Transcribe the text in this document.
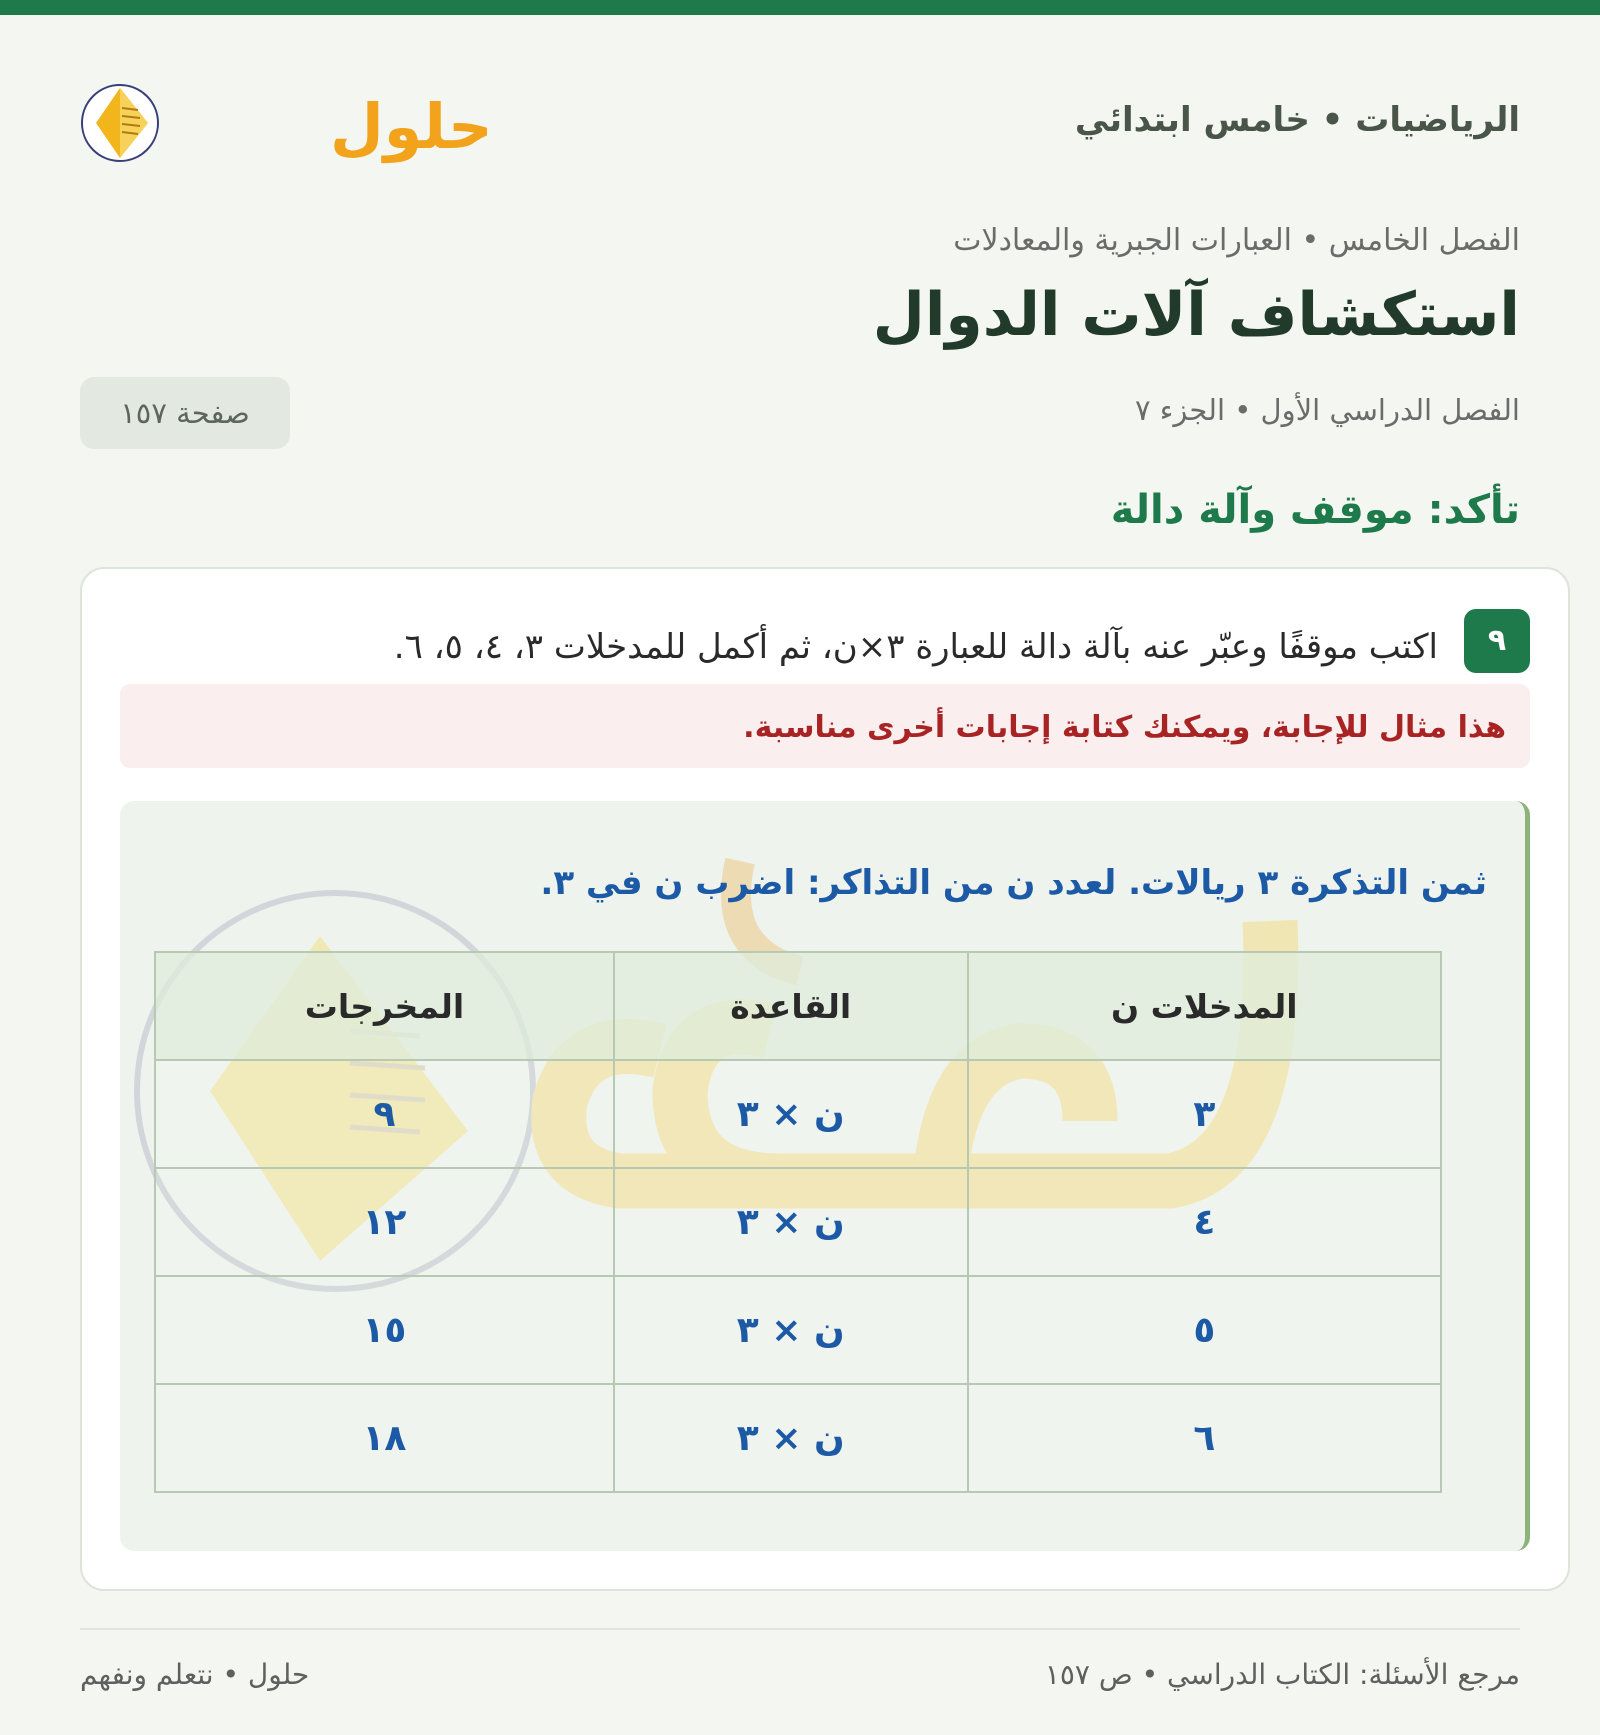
الرياضيات • خامس ابتدائي
حلول
الفصل الخامس • العبارات الجبرية والمعادلات
استكشاف آلات الدوال
الفصل الدراسي الأول • الجزء ٧
صفحة ١٥٧
تأكد: موقف وآلة دالة
٩
اكتب موقفًا وعبّر عنه بآلة دالة للعبارة ٣×ن، ثم أكمل للمدخلات ٣، ٤، ٥، ٦.
هذا مثال للإجابة، ويمكنك كتابة إجابات أخرى مناسبة.
ثمن التذكرة ٣ ريالات. لعدد ن من التذاكر: اضرب ن في ٣.
المدخلات ن	القاعدة	المخرجات
٣	ن × ٣	٩
٤	ن × ٣	١٢
٥	ن × ٣	١٥
٦	ن × ٣	١٨
مرجع الأسئلة: الكتاب الدراسي • ص ١٥٧
حلول • نتعلم ونفهم
